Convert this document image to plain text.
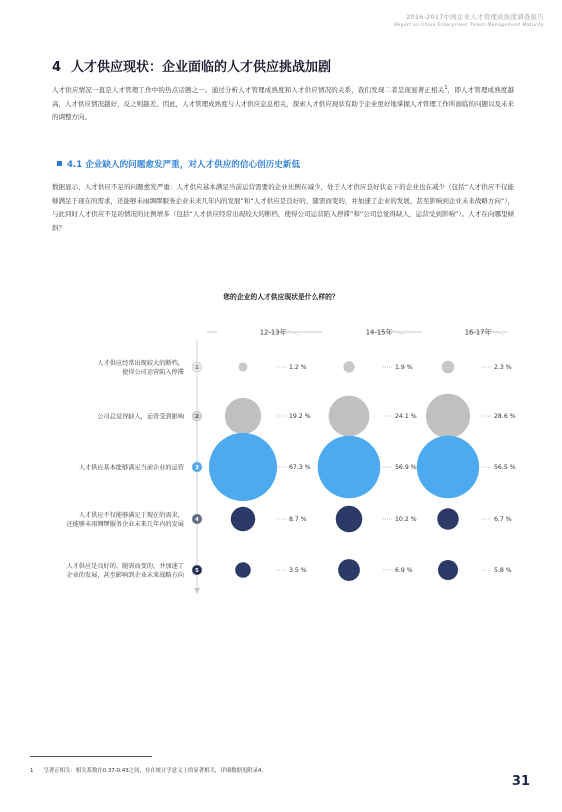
2016-2017中国企业人才管理成熟度调查报告
Report on China Enterprises' Talent Management Maturity
4 人才供应现状：企业面临的人才供应挑战加剧
人才供应情况一直是人才管理工作中的热点话题之一。通过分析人才管理成熟度和人才供应情况的关系，我们发现二者呈现显著正相关$^1$，即人才管理成熟度越高，人才供应情况越好，反之则越差。因此，人才管理成熟度与人才供应息息相关，探索人才供应现状有助于企业更好地掌握人才管理工作所面临的问题以及未来的调整方向。
4.1 企业缺人的问题愈发严重，对人才供应的信心创历史新低
数据显示，人才供应不足的问题愈发严重：人才供应基本满足当前运营需要的企业比例在减少，处于人才供应良好状态下的企业也在减少（包括“人才供应不仅能够满足于现在的需求，还能够未雨绸缪服务企业未来几年内的发展”和“人才供应是良好的、随需而变的，并加速了企业的发展，甚至影响到企业未来战略方向”），与此同时人才供应不足的情况的比例增多（包括“人才供应经常出现较大的断档，使得公司运营陷入停滞”和“公司总觉得缺人，运营受到影响”）。人才在向哪里倾斜？
您的企业的人才供应现状是什么样的？
12-13年	14-15年	16-17年
人才供应经常出现较大的断档，
使得公司运营陷入停滞
1	1.2 %	1.9 %	2.3 %
公司总觉得缺人，运营受到影响 2	19.2 %	24.1 %	28.6 %
人才供应基本能够满足当前企业的运营 3	67.3 %	56.9 %	56.5 %
人才供应不仅能够满足于现在的需求，
还能够未雨绸缪服务企业未来几年内的发展
4	8.7 %	10.2 %	6.7 %
人才供应是良好的、随需而变的，并加速了
企业的发展，甚至影响到企业未来战略方向
5	3.5 %	6.9 %	5.8 %
1 呈著正相关：相关系数在0.37-0.43之间，存在统计学意义上的显著相关，详细数据见附录4。
31
